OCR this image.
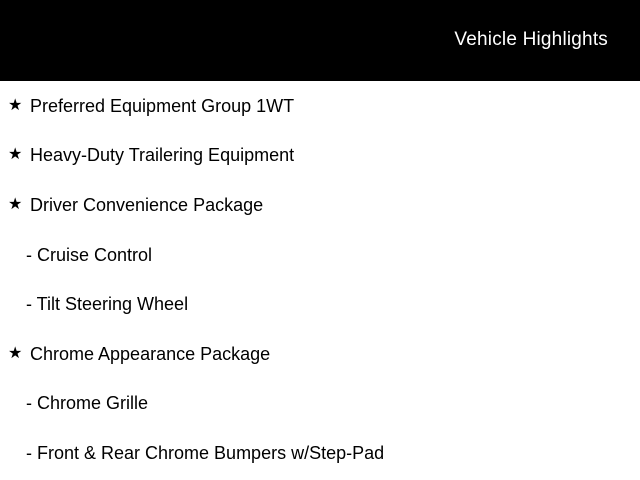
Vehicle Highlights
★ Preferred Equipment Group 1WT
★ Heavy-Duty Trailering Equipment
★ Driver Convenience Package
- Cruise Control
- Tilt Steering Wheel
★ Chrome Appearance Package
- Chrome Grille
- Front & Rear Chrome Bumpers w/Step-Pad
